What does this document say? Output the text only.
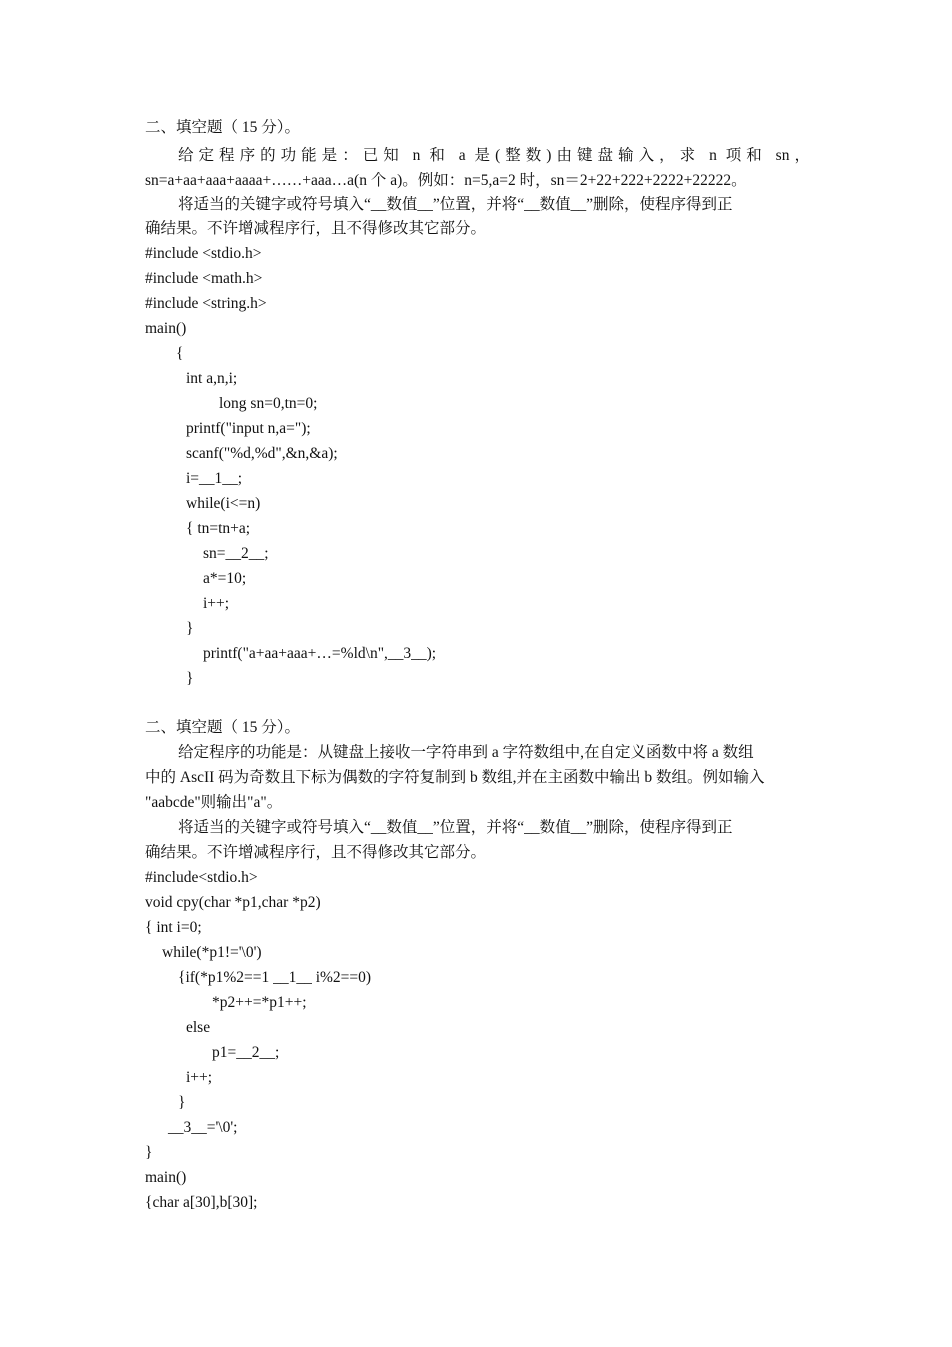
二、填空题（ 15 分）。
给定程序的功能是：已知 n 和 a 是(整数)由键盘输入，求 n 项和 sn，
sn=a+aa+aaa+aaaa+……+aaa…a(n 个 a)。例如：n=5,a=2 时，sn＝2+22+222+2222+22222。
将适当的关键字或符号填入“__数值__”位置，并将“__数值__”删除，使程序得到正
确结果。不许增减程序行，且不得修改其它部分。
#include <stdio.h>
#include <math.h>
#include <string.h>
main()
{
int a,n,i;
long sn=0,tn=0;
printf("input n,a=");
scanf("%d,%d",&n,&a);
i=__1__;
while(i<=n)
{ tn=tn+a;
sn=__2__;
a*=10;
i++;
}
printf("a+aa+aaa+…=%ld\n",__3__);
}
二、填空题（ 15 分）。
给定程序的功能是：从键盘上接收一字符串到 a 字符数组中,在自定义函数中将 a 数组
中的 AscII 码为奇数且下标为偶数的字符复制到 b 数组,并在主函数中输出 b 数组。例如输入
"aabcde"则输出"a"。
将适当的关键字或符号填入“__数值__”位置，并将“__数值__”删除，使程序得到正
确结果。不许增减程序行，且不得修改其它部分。
#include<stdio.h>
void cpy(char *p1,char *p2)
{ int i=0;
while(*p1!='\0')
{if(*p1%2==1 __1__ i%2==0)
*p2++=*p1++;
else
p1=__2__;
i++;
}
__3__='\0';
}
main()
{char a[30],b[30];
